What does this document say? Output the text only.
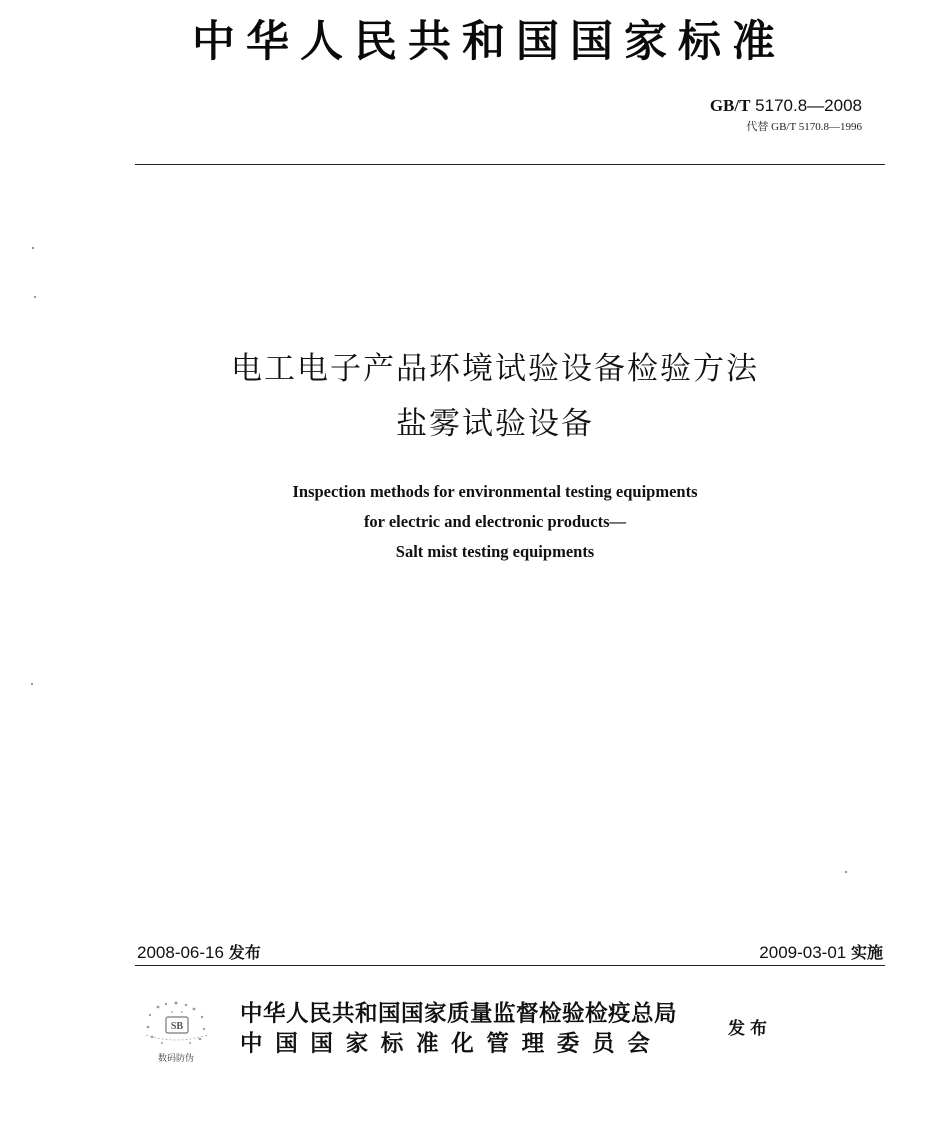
中华人民共和国国家标准
GB/T 5170.8—2008
代替 GB/T 5170.8—1996
电工电子产品环境试验设备检验方法
盐雾试验设备
Inspection methods for environmental testing equipments
for electric and electronic products—
Salt mist testing equipments
2008-06-16 发布	2009-03-01 实施
SB
数码防伪
中华人民共和国国家质量监督检验检疫总局
中国国家标准化管理委员会
发布
